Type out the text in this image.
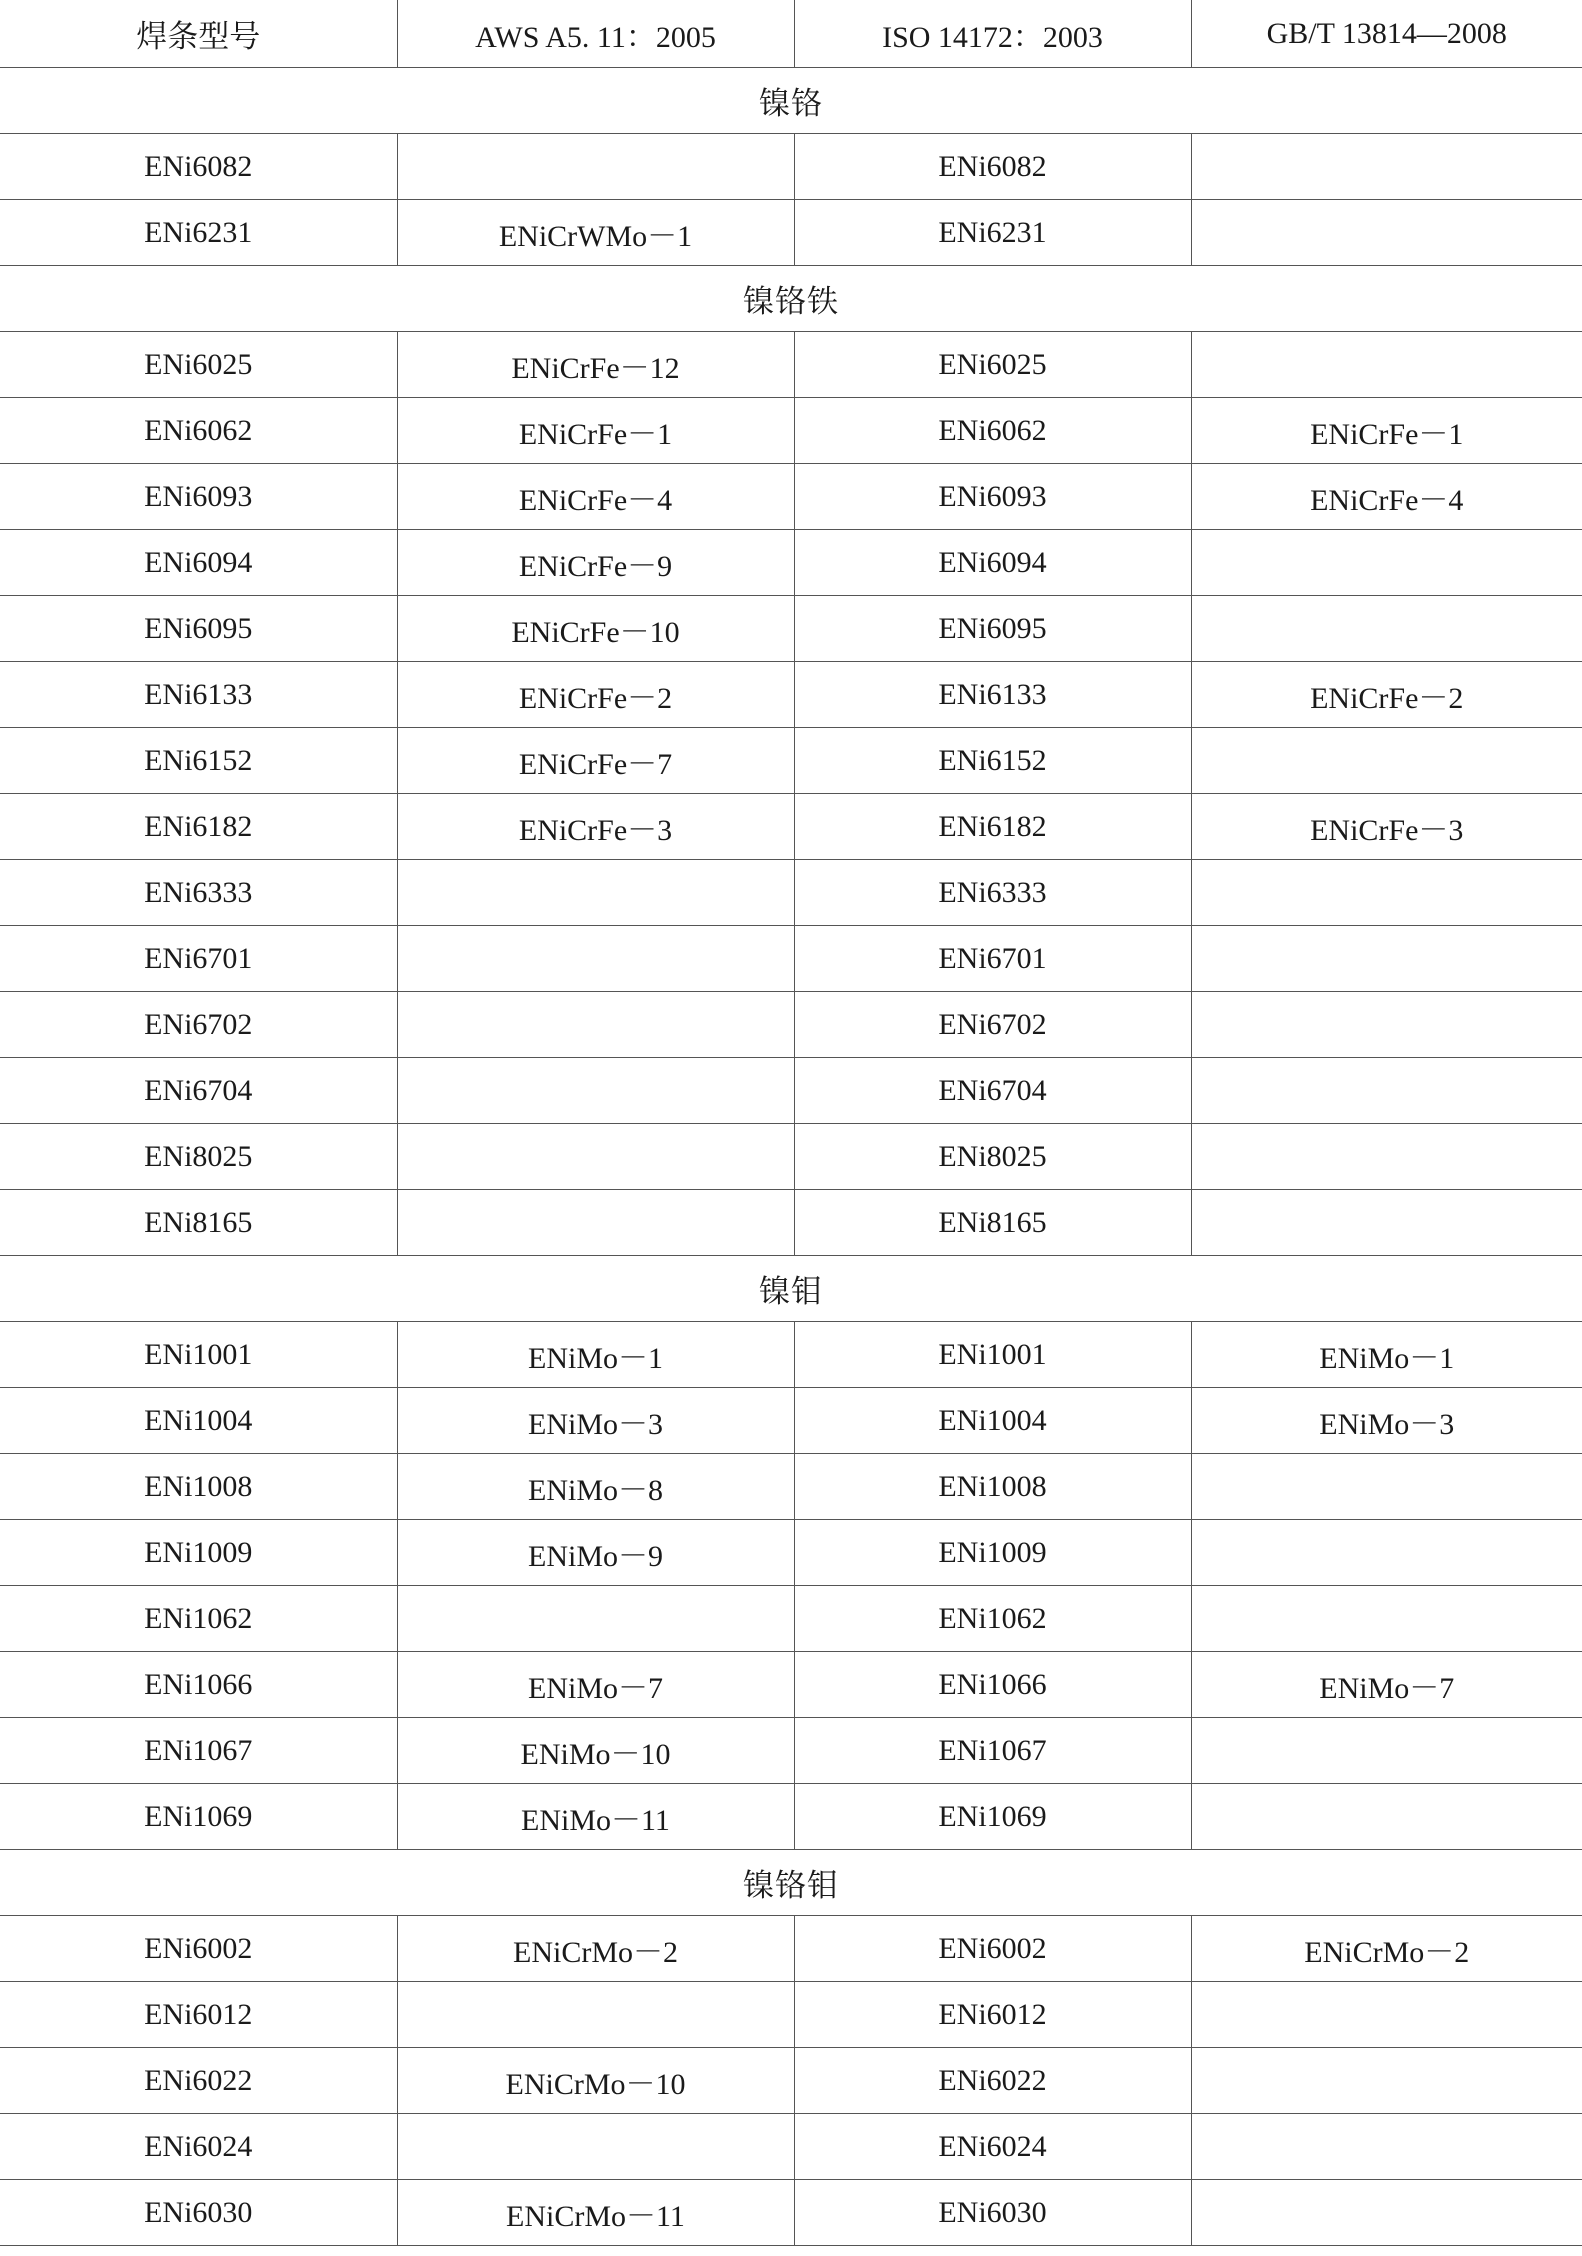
焊条型号	AWS A5. 11：2005	ISO 14172：2003	GB/T 13814—2008
镍铬			
ENi6082		ENi6082	
ENi6231	ENiCrWMo－1	ENi6231	
镍铬铁			
ENi6025	ENiCrFe－12	ENi6025	
ENi6062	ENiCrFe－1	ENi6062	ENiCrFe－1
ENi6093	ENiCrFe－4	ENi6093	ENiCrFe－4
ENi6094	ENiCrFe－9	ENi6094	
ENi6095	ENiCrFe－10	ENi6095	
ENi6133	ENiCrFe－2	ENi6133	ENiCrFe－2
ENi6152	ENiCrFe－7	ENi6152	
ENi6182	ENiCrFe－3	ENi6182	ENiCrFe－3
ENi6333		ENi6333	
ENi6701		ENi6701	
ENi6702		ENi6702	
ENi6704		ENi6704	
ENi8025		ENi8025	
ENi8165		ENi8165	
镍钼			
ENi1001	ENiMo－1	ENi1001	ENiMo－1
ENi1004	ENiMo－3	ENi1004	ENiMo－3
ENi1008	ENiMo－8	ENi1008	
ENi1009	ENiMo－9	ENi1009	
ENi1062		ENi1062	
ENi1066	ENiMo－7	ENi1066	ENiMo－7
ENi1067	ENiMo－10	ENi1067	
ENi1069	ENiMo－11	ENi1069	
镍铬钼			
ENi6002	ENiCrMo－2	ENi6002	ENiCrMo－2
ENi6012		ENi6012	
ENi6022	ENiCrMo－10	ENi6022	
ENi6024		ENi6024	
ENi6030	ENiCrMo－11	ENi6030	
